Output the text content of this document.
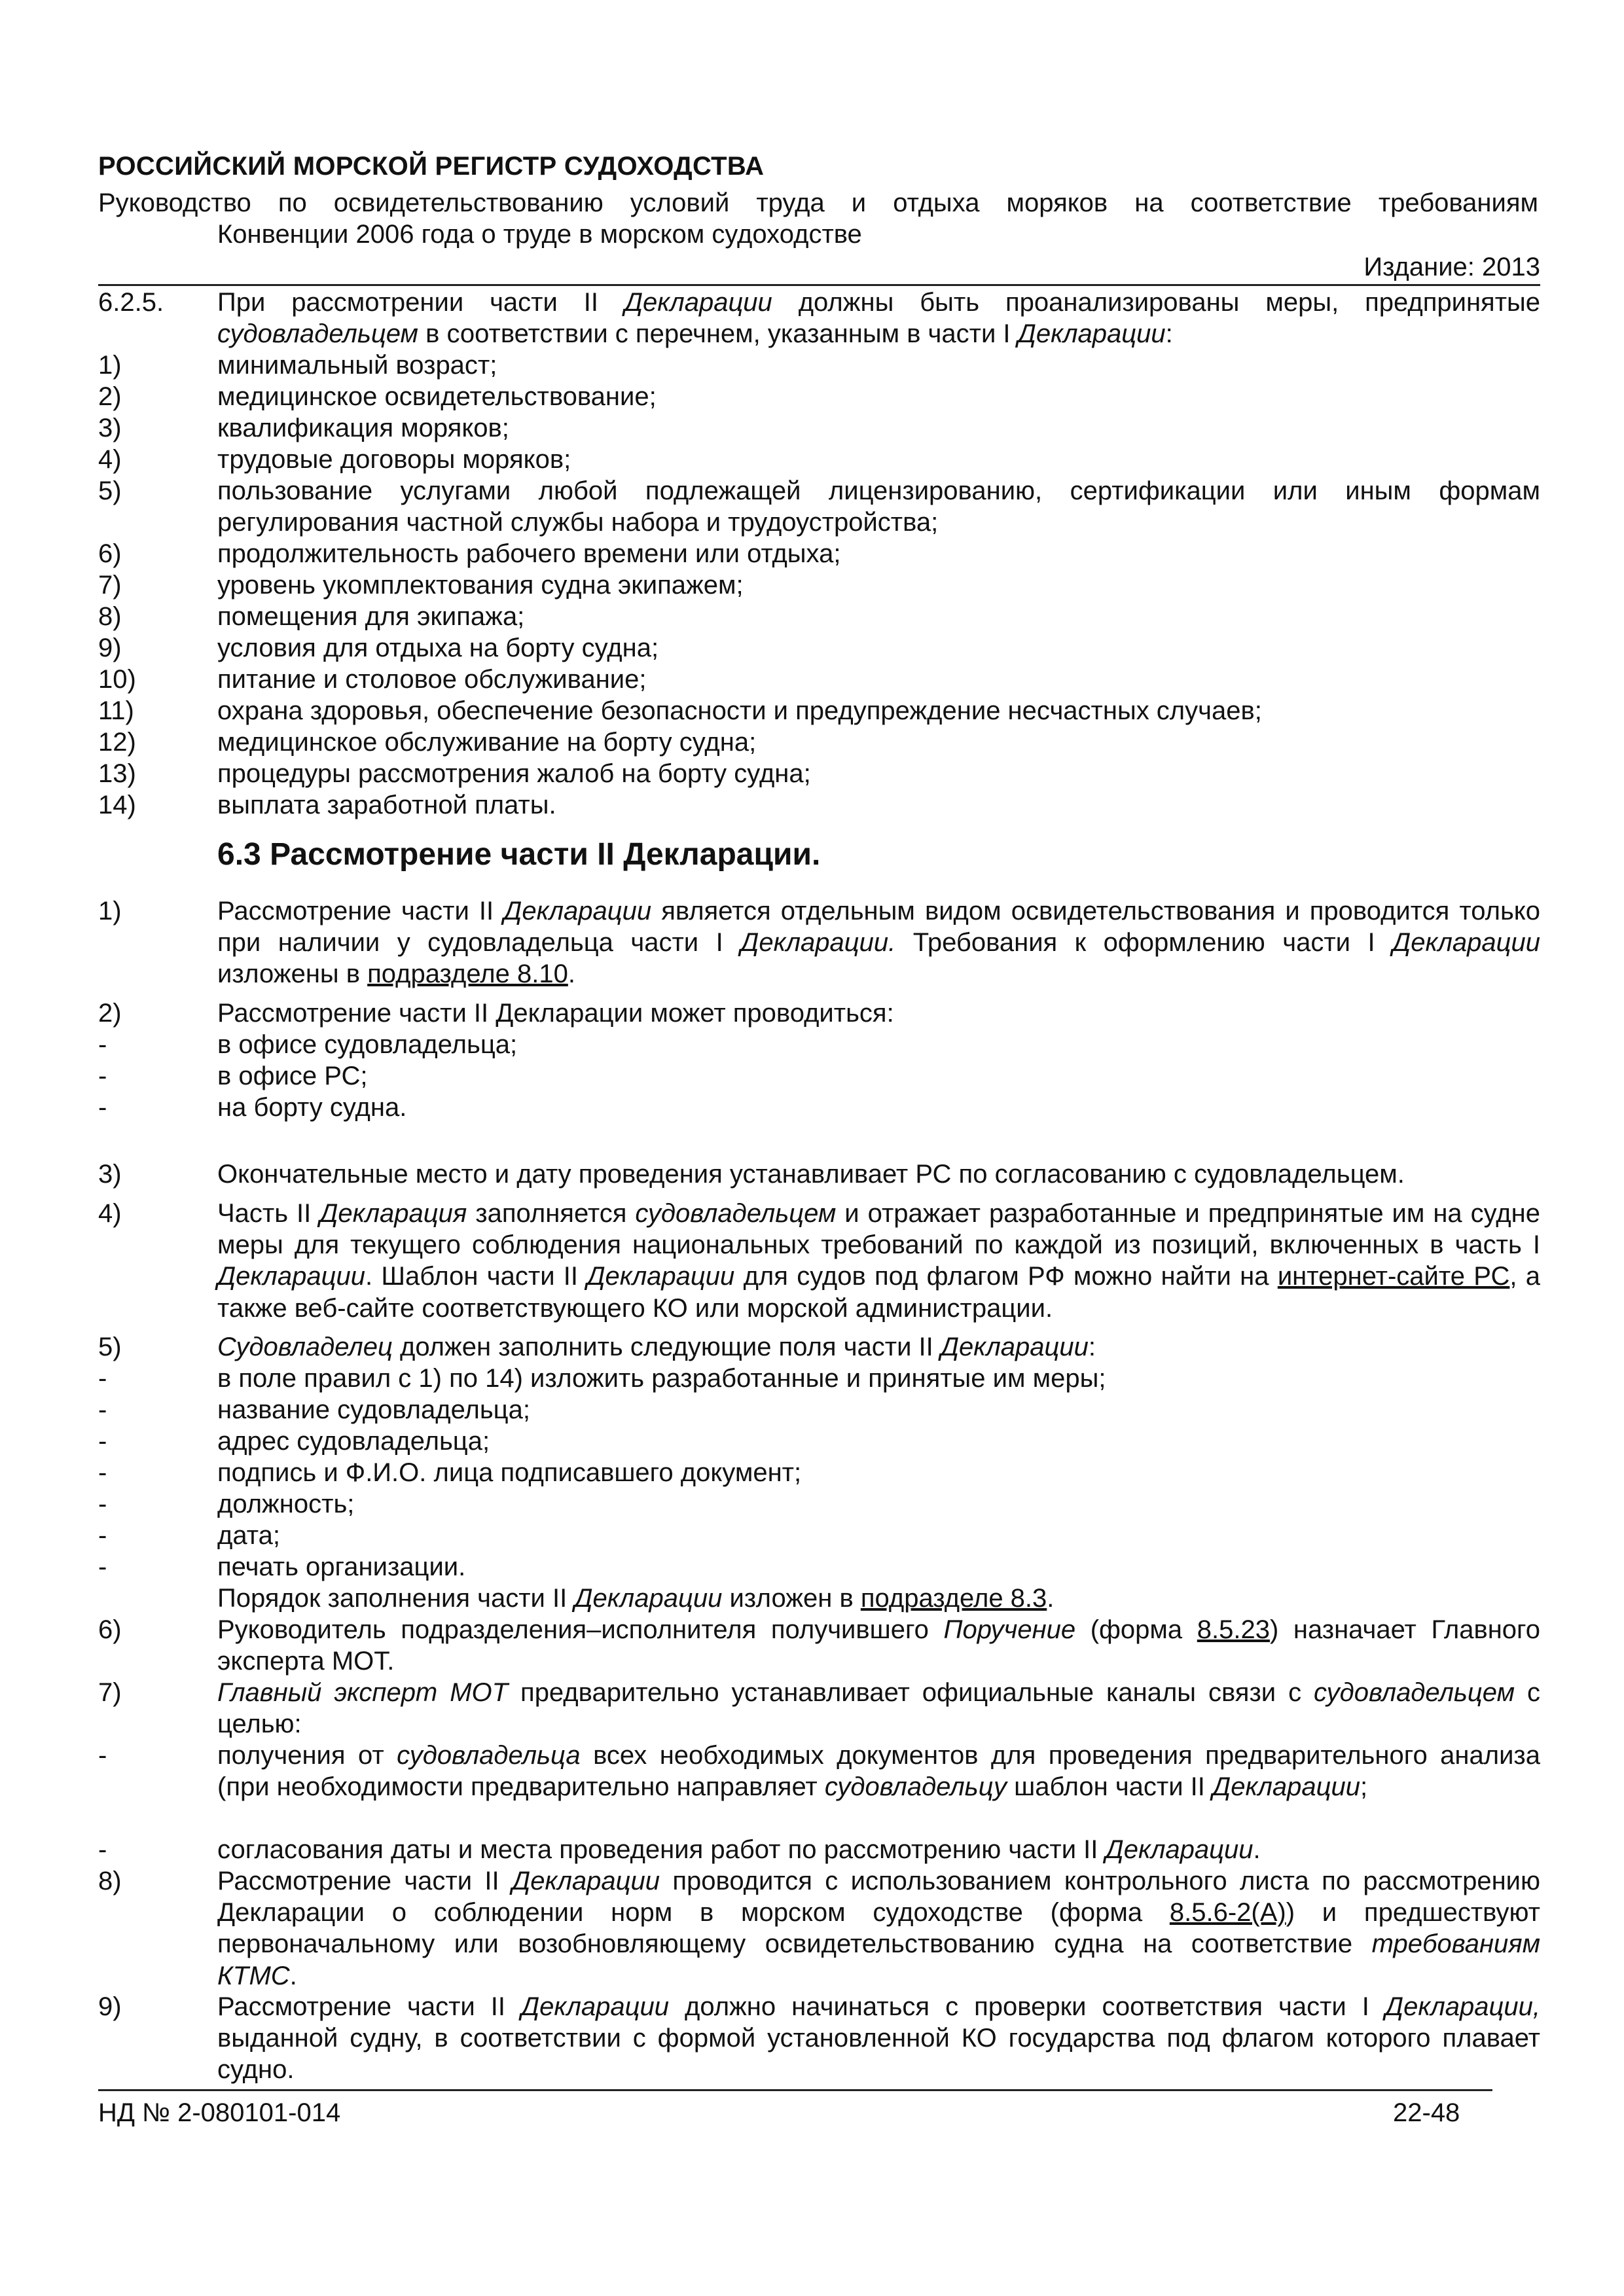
РОССИЙСКИЙ МОРСКОЙ РЕГИСТР СУДОХОДСТВА
Руководство по освидетельствованию условий труда и отдыха моряков на соответствие требованиям
Конвенции 2006 года о труде в морском судоходстве
Издание: 2013
6.2.5.	При рассмотрении части II Декларации должны быть проанализированы меры, предпринятые судовладельцем в соответствии с перечнем, указанным в части I Декларации:
1)	минимальный возраст;
2)	медицинское освидетельствование;
3)	квалификация моряков;
4)	трудовые договоры моряков;
5)	пользование услугами любой подлежащей лицензированию, сертификации или иным формам регулирования частной службы набора и трудоустройства;
6)	продолжительность рабочего времени или отдыха;
7)	уровень укомплектования судна экипажем;
8)	помещения для экипажа;
9)	условия для отдыха на борту судна;
10)	питание и столовое обслуживание;
11)	охрана здоровья, обеспечение безопасности и предупреждение несчастных случаев;
12)	медицинское обслуживание на борту судна;
13)	процедуры рассмотрения жалоб на борту судна;
14)	выплата заработной платы.
6.3 Рассмотрение части II Декларации.
1)	Рассмотрение части II Декларации является отдельным видом освидетельствования и проводится только при наличии у судовладельца части I Декларации. Требования к оформлению части I Декларации изложены в подразделе 8.10.
2)	Рассмотрение части II Декларации может проводиться:
-	в офисе судовладельца;
-	в офисе РС;
-	на борту судна.
3)	Окончательные место и дату проведения устанавливает РС по согласованию с судовладельцем.
4)	Часть II Декларация заполняется судовладельцем и отражает разработанные и предпринятые им на судне меры для текущего соблюдения национальных требований по каждой из позиций, включенных в часть I Декларации. Шаблон части II Декларации для судов под флагом РФ можно найти на интернет-сайте РС, а также веб-сайте соответствующего КО или морской администрации.
5)	Судовладелец должен заполнить следующие поля части II Декларации:
-	в поле правил с 1) по 14) изложить разработанные и принятые им меры;
-	название судовладельца;
-	адрес судовладельца;
-	подпись и Ф.И.О. лица подписавшего документ;
-	должность;
-	дата;
-	печать организации.
Порядок заполнения части II Декларации изложен в подразделе 8.3.
6)	Руководитель подразделения–исполнителя получившего Поручение (форма 8.5.23) назначает Главного эксперта МОТ.
7)	Главный эксперт МОТ предварительно устанавливает официальные каналы связи с судовладельцем с целью:
-	получения от судовладельца всех необходимых документов для проведения предварительного анализа (при необходимости предварительно направляет судовладельцу шаблон части II Декларации;
-	согласования даты и места проведения работ по рассмотрению части II Декларации.
8)	Рассмотрение части II Декларации проводится с использованием контрольного листа по рассмотрению Декларации о соблюдении норм в морском судоходстве (форма 8.5.6-2(А)) и предшествуют первоначальному или возобновляющему освидетельствованию судна на соответствие требованиям КТМС.
9)	Рассмотрение части II Декларации должно начинаться с проверки соответствия части I Декларации, выданной судну, в соответствии с формой установленной КО государства под флагом которого плавает судно.
НД № 2-080101-014	22-48
